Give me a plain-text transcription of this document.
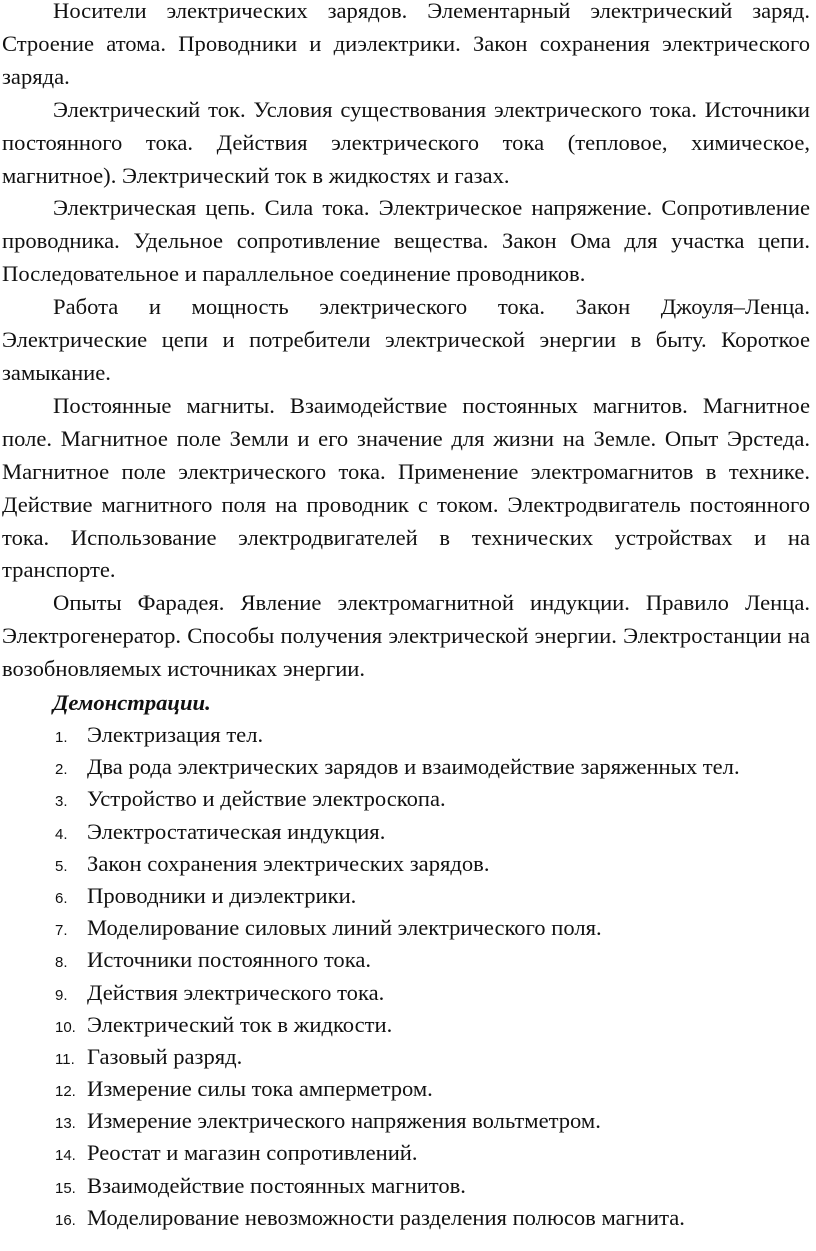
Носители электрических зарядов. Элементарный электрический заряд. Строение атома. Проводники и диэлектрики. Закон сохранения электрического заряда.

Электрический ток. Условия существования электрического тока. Источники постоянного тока. Действия электрического тока (тепловое, химическое, магнитное). Электрический ток в жидкостях и газах.

Электрическая цепь. Сила тока. Электрическое напряжение. Сопротивление проводника. Удельное сопротивление вещества. Закон Ома для участка цепи. Последовательное и параллельное соединение проводников.

Работа и мощность электрического тока. Закон Джоуля–Ленца. Электрические цепи и потребители электрической энергии в быту. Короткое замыкание.

Постоянные магниты. Взаимодействие постоянных магнитов. Магнитное поле. Магнитное поле Земли и его значение для жизни на Земле. Опыт Эрстеда. Магнитное поле электрического тока. Применение электромагнитов в технике. Действие магнитного поля на проводник с током. Электродвигатель постоянного тока. Использование электродвигателей в технических устройствах и на транспорте.

Опыты Фарадея. Явление электромагнитной индукции. Правило Ленца. Электрогенератор. Способы получения электрической энергии. Электростанции на возобновляемых источниках энергии.

Демонстрации.

1. Электризация тел.
2. Два рода электрических зарядов и взаимодействие заряженных тел.
3. Устройство и действие электроскопа.
4. Электростатическая индукция.
5. Закон сохранения электрических зарядов.
6. Проводники и диэлектрики.
7. Моделирование силовых линий электрического поля.
8. Источники постоянного тока.
9. Действия электрического тока.
10. Электрический ток в жидкости.
11. Газовый разряд.
12. Измерение силы тока амперметром.
13. Измерение электрического напряжения вольтметром.
14. Реостат и магазин сопротивлений.
15. Взаимодействие постоянных магнитов.
16. Моделирование невозможности разделения полюсов магнита.
